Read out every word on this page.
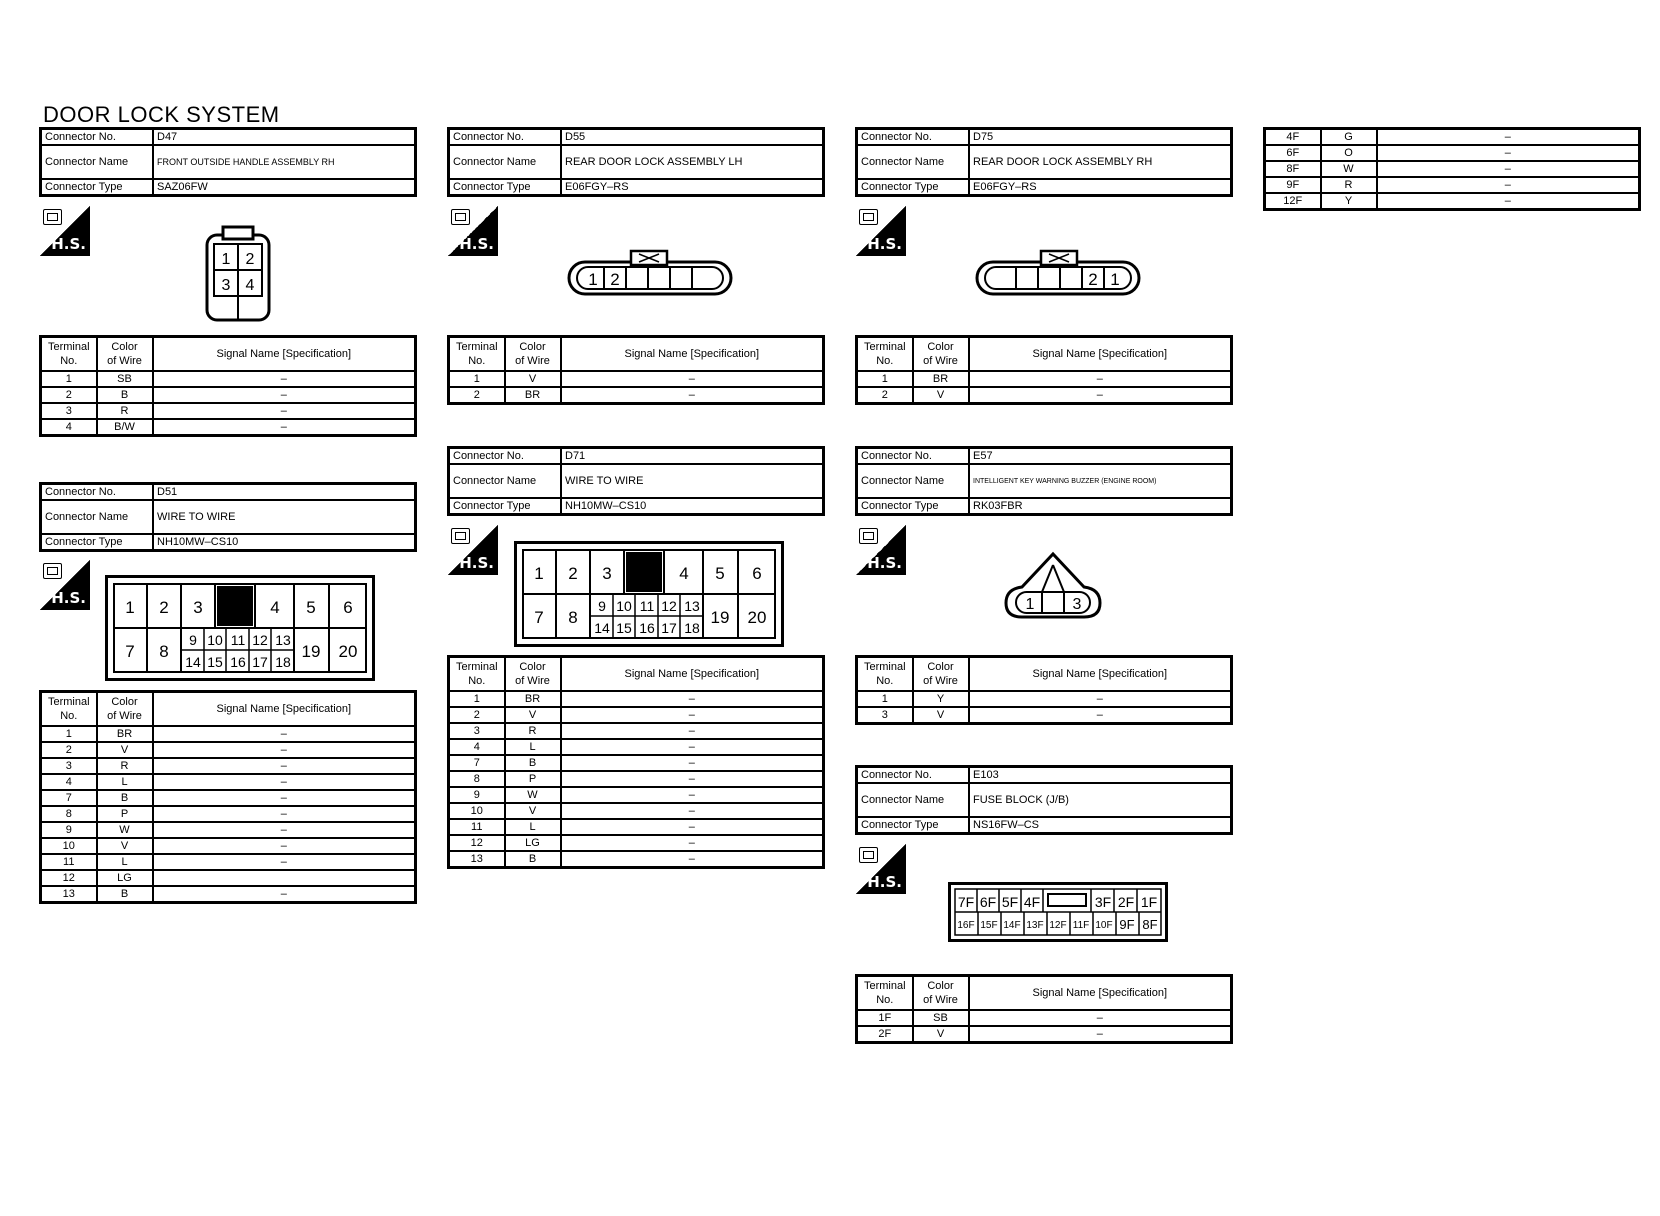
DOOR LOCK SYSTEM
Connector No.	D47
Connector Name	FRONT OUTSIDE HANDLE ASSEMBLY RH
Connector Type	SAZ06FW
H.S.
1 2
3 4
Terminal
No.	Color
of Wire	Signal Name [Specification]
1	SB	–
2	B	–
3	R	–
4	B/W	–
Connector No.	D51
Connector Name	WIRE TO WIRE
Connector Type	NH10MW–CS10
H.S. 1 2 3	4 5 6
7 8	19 20
9 10 11 12 13
14 15 16 17 18
Terminal
No.	Color
of Wire	Signal Name [Specification]
1	BR	–
2	V	–
3	R	–
4	L	–
7	B	–
8	P	–
9	W	–
10	V	–
11	L	–
12	LG	
13	B	–
Connector No.	D55
Connector Name	REAR DOOR LOCK ASSEMBLY LH
Connector Type	E06FGY–RS
H.S.
1 2
Terminal
No.	Color
of Wire	Signal Name [Specification]
1	V	–
2	BR	–
Connector No.	D71
Connector Name	WIRE TO WIRE
Connector Type	NH10MW–CS10
H.S.
1 2 3	4 5 6
7 8	19 20
9 10 11 12 13
14 15 16 17 18
Terminal
No.	Color
of Wire	Signal Name [Specification]
1	BR	–
2	V	–
3	R	–
4	L	–
7	B	–
8	P	–
9	W	–
10	V	–
11	L	–
12	LG	–
13	B	–
Connector No.	D75
Connector Name	REAR DOOR LOCK ASSEMBLY RH
Connector Type	E06FGY–RS
H.S.
2 1
Terminal
No.	Color
of Wire	Signal Name [Specification]
1	BR	–
2	V	–
Connector No.	E57
Connector Name	INTELLIGENT KEY WARNING BUZZER (ENGINE ROOM)
Connector Type	RK03FBR
H.S.
1 3
Terminal
No.	Color
of Wire	Signal Name [Specification]
1	Y	–
3	V	–
Connector No.	E103
Connector Name	FUSE BLOCK (J/B)
Connector Type	NS16FW–CS
H.S.
7F 6F 5F 4F	3F 2F 1F
16F 15F 14F 13F 12F 11F 10F 9F 8F
Terminal
No.	Color
of Wire	Signal Name [Specification]
1F	SB	–
2F	V	–
4F	G	–
6F	O	–
8F	W	–
9F	R	–
12F	Y	–
